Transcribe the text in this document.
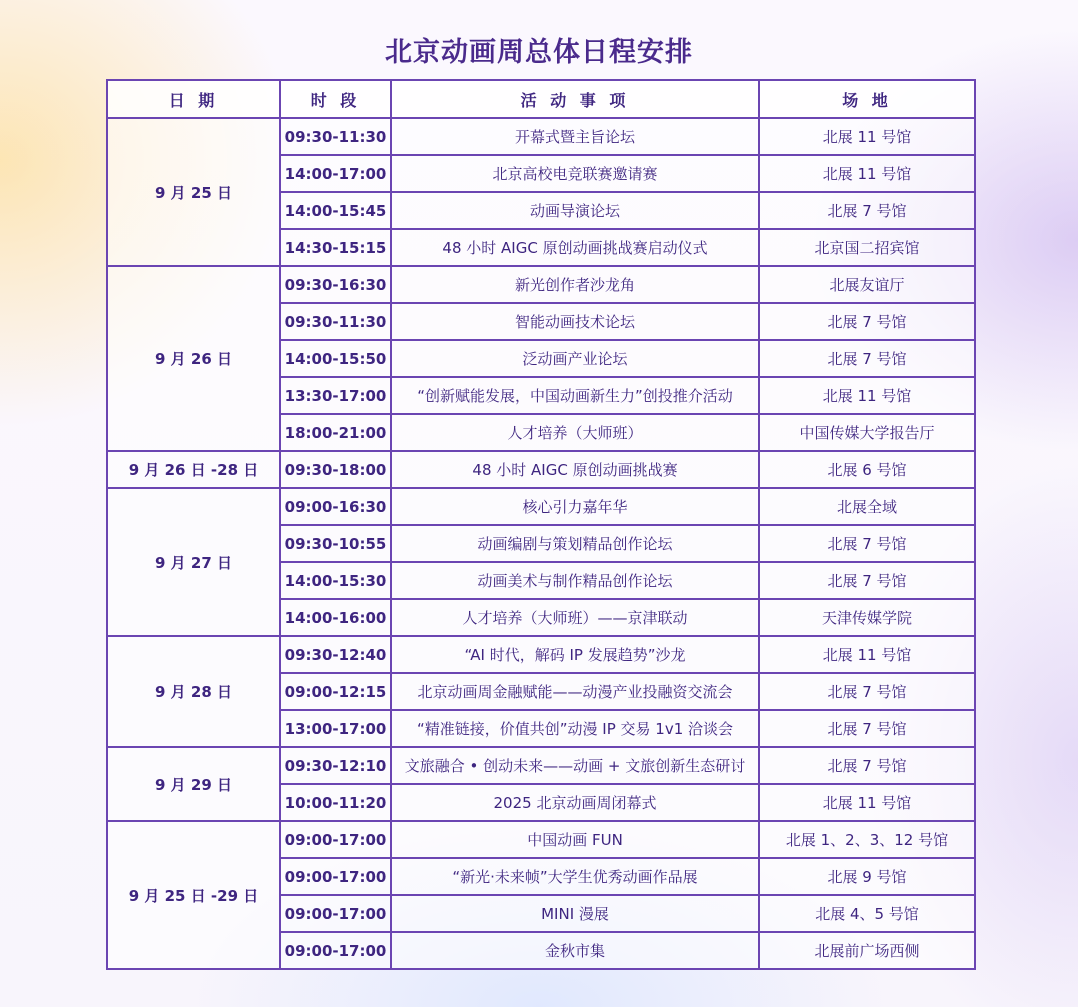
北京动画周总体日程安排
日 期	时 段	活 动 事 项	场 地
9 月 25 日	09:30-11:30	开幕式暨主旨论坛	北展 11 号馆
	14:00-17:00	北京高校电竞联赛邀请赛	北展 11 号馆
	14:00-15:45	动画导演论坛	北展 7 号馆
	14:30-15:15	48 小时 AIGC 原创动画挑战赛启动仪式	北京国二招宾馆
9 月 26 日	09:30-16:30	新光创作者沙龙角	北展友谊厅
	09:30-11:30	智能动画技术论坛	北展 7 号馆
	14:00-15:50	泛动画产业论坛	北展 7 号馆
	13:30-17:00	“创新赋能发展，中国动画新生力”创投推介活动	北展 11 号馆
	18:00-21:00	人才培养（大师班）	中国传媒大学报告厅
9 月 26 日 -28 日	09:30-18:00	48 小时 AIGC 原创动画挑战赛	北展 6 号馆
9 月 27 日	09:00-16:30	核心引力嘉年华	北展全域
	09:30-10:55	动画编剧与策划精品创作论坛	北展 7 号馆
	14:00-15:30	动画美术与制作精品创作论坛	北展 7 号馆
	14:00-16:00	人才培养（大师班）——京津联动	天津传媒学院
9 月 28 日	09:30-12:40	“AI 时代，解码 IP 发展趋势”沙龙	北展 11 号馆
	09:00-12:15	北京动画周金融赋能——动漫产业投融资交流会	北展 7 号馆
	13:00-17:00	“精准链接，价值共创”动漫 IP 交易 1v1 洽谈会	北展 7 号馆
9 月 29 日	09:30-12:10	文旅融合 • 创动未来——动画 + 文旅创新生态研讨	北展 7 号馆
	10:00-11:20	2025 北京动画周闭幕式	北展 11 号馆
9 月 25 日 -29 日	09:00-17:00	中国动画 FUN	北展 1、2、3、12 号馆
	09:00-17:00	“新光·未来帧”大学生优秀动画作品展	北展 9 号馆
	09:00-17:00	MINI 漫展	北展 4、5 号馆
	09:00-17:00	金秋市集	北展前广场西侧
